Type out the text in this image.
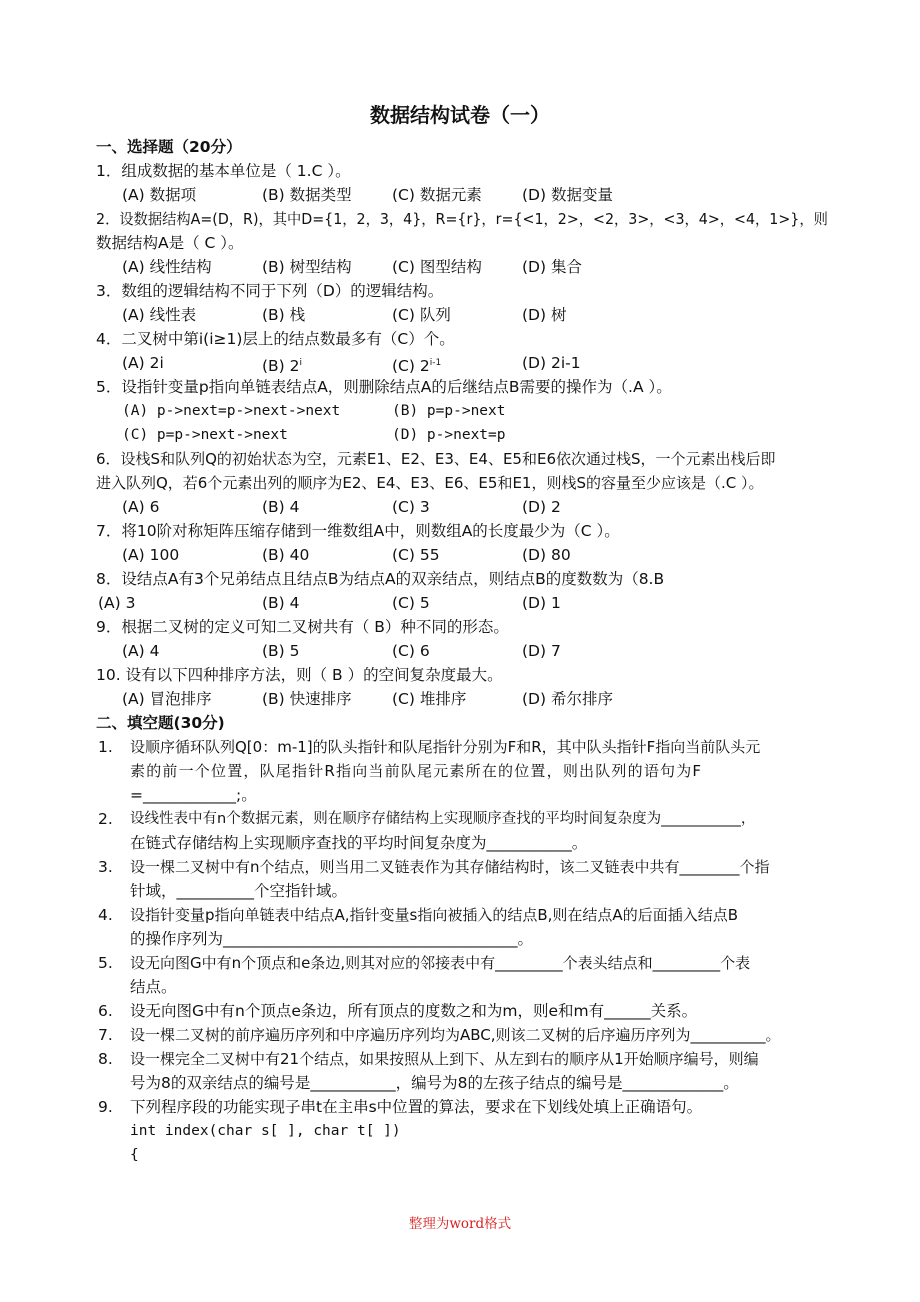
数据结构试卷（一）
一、选择题（20分）
1．组成数据的基本单位是（ 1.C ）。
(A) 数据项	(B) 数据类型	(C) 数据元素	(D) 数据变量
2．设数据结构A=(D，R)，其中D={1，2，3，4}，R={r}，r={<1，2>，<2，3>，<3，4>，<4，1>}，则
数据结构A是（ C ）。
(A) 线性结构	(B) 树型结构	(C) 图型结构	(D) 集合
3．数组的逻辑结构不同于下列（D）的逻辑结构。
(A) 线性表	(B) 栈	(C) 队列	(D) 树
4．二叉树中第i(i≥1)层上的结点数最多有（C）个。
(A) 2i	(B) 2$^i$	(C) 2$^{i-1}$	(D) 2i-1
5．设指针变量p指向单链表结点A，则删除结点A的后继结点B需要的操作为（.A ）。
(A) p->next=p->next->next	(B) p=p->next
(C) p=p->next->next	(D) p->next=p
6．设栈S和队列Q的初始状态为空，元素E1、E2、E3、E4、E5和E6依次通过栈S，一个元素出栈后即
进入队列Q，若6个元素出列的顺序为E2、E4、E3、E6、E5和E1，则栈S的容量至少应该是（.C ）。
(A) 6	(B) 4	(C) 3	(D) 2
7．将10阶对称矩阵压缩存储到一维数组A中，则数组A的长度最少为（C ）。
(A) 100	(B) 40	(C) 55	(D) 80
8．设结点A有3个兄弟结点且结点B为结点A的双亲结点，则结点B的度数数为（8.B
(A) 3	(B) 4	(C) 5	(D) 1
9．根据二叉树的定义可知二叉树共有（ B）种不同的形态。
(A) 4	(B) 5	(C) 6	(D) 7
10. 设有以下四种排序方法，则（ B ）的空间复杂度最大。
(A) 冒泡排序	(B) 快速排序	(C) 堆排序	(D) 希尔排序
二、填空题(30分)
1. 设顺序循环队列Q[0：m-1]的队头指针和队尾指针分别为F和R，其中队头指针F指向当前队头元
素的前一个位置，队尾指针R指向当前队尾元素所在的位置，则出队列的语句为F
=____________;。
2. 设线性表中有n个数据元素，则在顺序存储结构上实现顺序查找的平均时间复杂度为___________，
在链式存储结构上实现顺序查找的平均时间复杂度为___________。
3. 设一棵二叉树中有n个结点，则当用二叉链表作为其存储结构时，该二叉链表中共有________个指
针域，__________个空指针域。
4. 设指针变量p指向单链表中结点A,指针变量s指向被插入的结点B,则在结点A的后面插入结点B
的操作序列为______________________________________。
5. 设无向图G中有n个顶点和e条边,则其对应的邻接表中有_________个表头结点和_________个表
结点。
6. 设无向图G中有n个顶点e条边，所有顶点的度数之和为m，则e和m有______关系。
7. 设一棵二叉树的前序遍历序列和中序遍历序列均为ABC,则该二叉树的后序遍历序列为__________。
8. 设一棵完全二叉树中有21个结点，如果按照从上到下、从左到右的顺序从1开始顺序编号，则编
号为8的双亲结点的编号是___________，编号为8的左孩子结点的编号是_____________。
9. 下列程序段的功能实现子串t在主串s中位置的算法，要求在下划线处填上正确语句。
int index(char s[ ], char t[ ])
{
整理为word格式
